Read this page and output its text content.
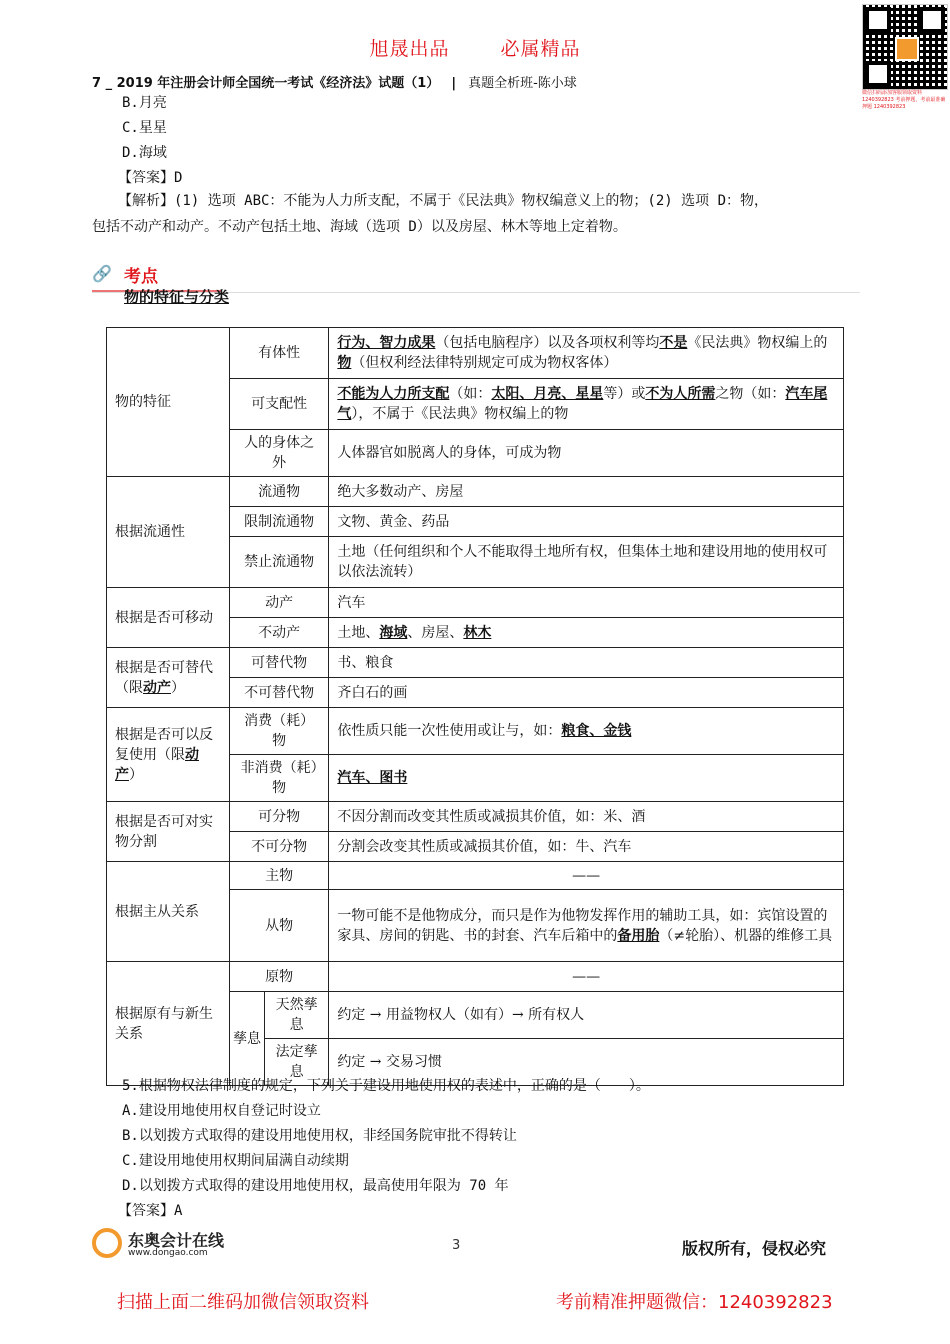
旭晟出品	必属精品
微信扫码添加客服领取资料 1240392823 考前押题，考前最准确押题 1240392823
7 _ 2019 年注册会计师全国统一考试《经济法》试题（1） | 真题全析班-陈小球
B.月亮
C.星星
D.海域
【答案】D
【解析】(1) 选项 ABC：不能为人力所支配，不属于《民法典》物权编意义上的物；(2) 选项 D：物，
包括不动产和动产。不动产包括土地、海域（选项 D）以及房屋、林木等地上定着物。
🔗 考点
物的特征与分类
物的特征	有体性		行为、智力成果（包括电脑程序）以及各项权利等均不是《民法典》物权编上的物（但权利经法律特别规定可成为物权客体）
	可支配性		不能为人力所支配（如：太阳、月亮、星星等）或不为人所需之物（如：汽车尾气），不属于《民法典》物权编上的物
	人的身体之外		人体器官如脱离人的身体，可成为物
根据流通性	流通物		绝大多数动产、房屋
	限制流通物		文物、黄金、药品
	禁止流通物		土地（任何组织和个人不能取得土地所有权，但集体土地和建设用地的使用权可以依法流转）
根据是否可移动	动产		汽车
	不动产		土地、海域、房屋、林木
根据是否可替代（限动产）	可替代物		书、粮食
	不可替代物		齐白石的画
根据是否可以反复使用（限动产）	消费（耗）物		依性质只能一次性使用或让与，如：粮食、金钱
	非消费（耗）物		汽车、图书
根据是否可对实物分割	可分物		不因分割而改变其性质或减损其价值，如：米、酒
	不可分物		分割会改变其性质或减损其价值，如：牛、汽车
根据主从关系	主物		——
	从物		一物可能不是他物成分，而只是作为他物发挥作用的辅助工具，如：宾馆设置的家具、房间的钥匙、书的封套、汽车后箱中的备用胎（≠轮胎）、机器的维修工具
根据原有与新生关系	原物		——
	孳息	天然孳息	约定 → 用益物权人（如有）→ 所有权人
		法定孳息	约定 → 交易习惯
5.根据物权法律制度的规定，下列关于建设用地使用权的表述中，正确的是（　　）。
A.建设用地使用权自登记时设立
B.以划拨方式取得的建设用地使用权，非经国务院审批不得转让
C.建设用地使用权期间届满自动续期
D.以划拨方式取得的建设用地使用权，最高使用年限为 70 年
【答案】A
东奥会计在线
www.dongao.com	3	版权所有，侵权必究
扫描上面二维码加微信领取资料	考前精准押题微信：1240392823
